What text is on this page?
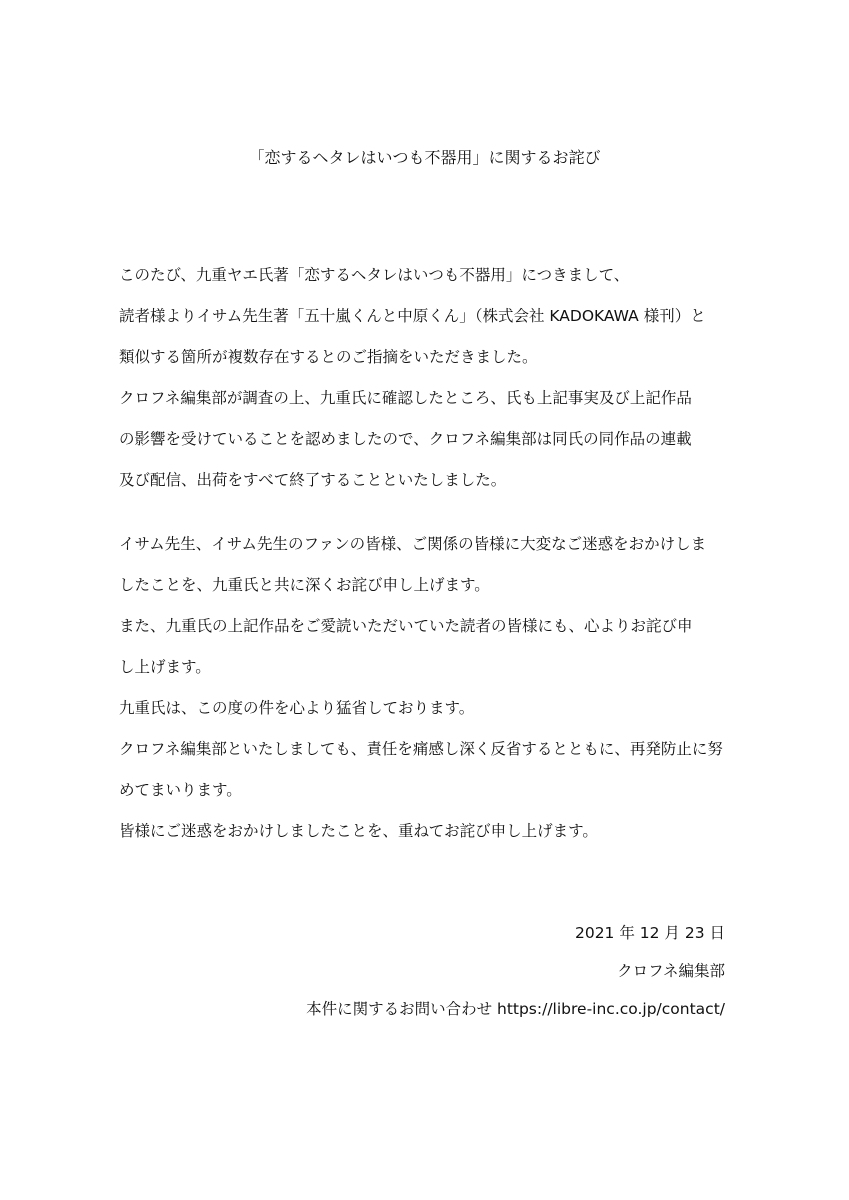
「恋するヘタレはいつも不器用」に関するお詫び
このたび、九重ヤエ氏著「恋するヘタレはいつも不器用」につきまして、
読者様よりイサム先生著「五十嵐くんと中原くん」（株式会社 KADOKAWA 様刊）と
類似する箇所が複数存在するとのご指摘をいただきました。
クロフネ編集部が調査の上、九重氏に確認したところ、氏も上記事実及び上記作品
の影響を受けていることを認めましたので、クロフネ編集部は同氏の同作品の連載
及び配信、出荷をすべて終了することといたしました。
イサム先生、イサム先生のファンの皆様、ご関係の皆様に大変なご迷惑をおかけしま
したことを、九重氏と共に深くお詫び申し上げます。
また、九重氏の上記作品をご愛読いただいていた読者の皆様にも、心よりお詫び申
し上げます。
九重氏は、この度の件を心より猛省しております。
クロフネ編集部といたしましても、責任を痛感し深く反省するとともに、再発防止に努
めてまいります。
皆様にご迷惑をおかけしましたことを、重ねてお詫び申し上げます。
2021 年 12 月 23 日
クロフネ編集部
本件に関するお問い合わせ https://libre-inc.co.jp/contact/
